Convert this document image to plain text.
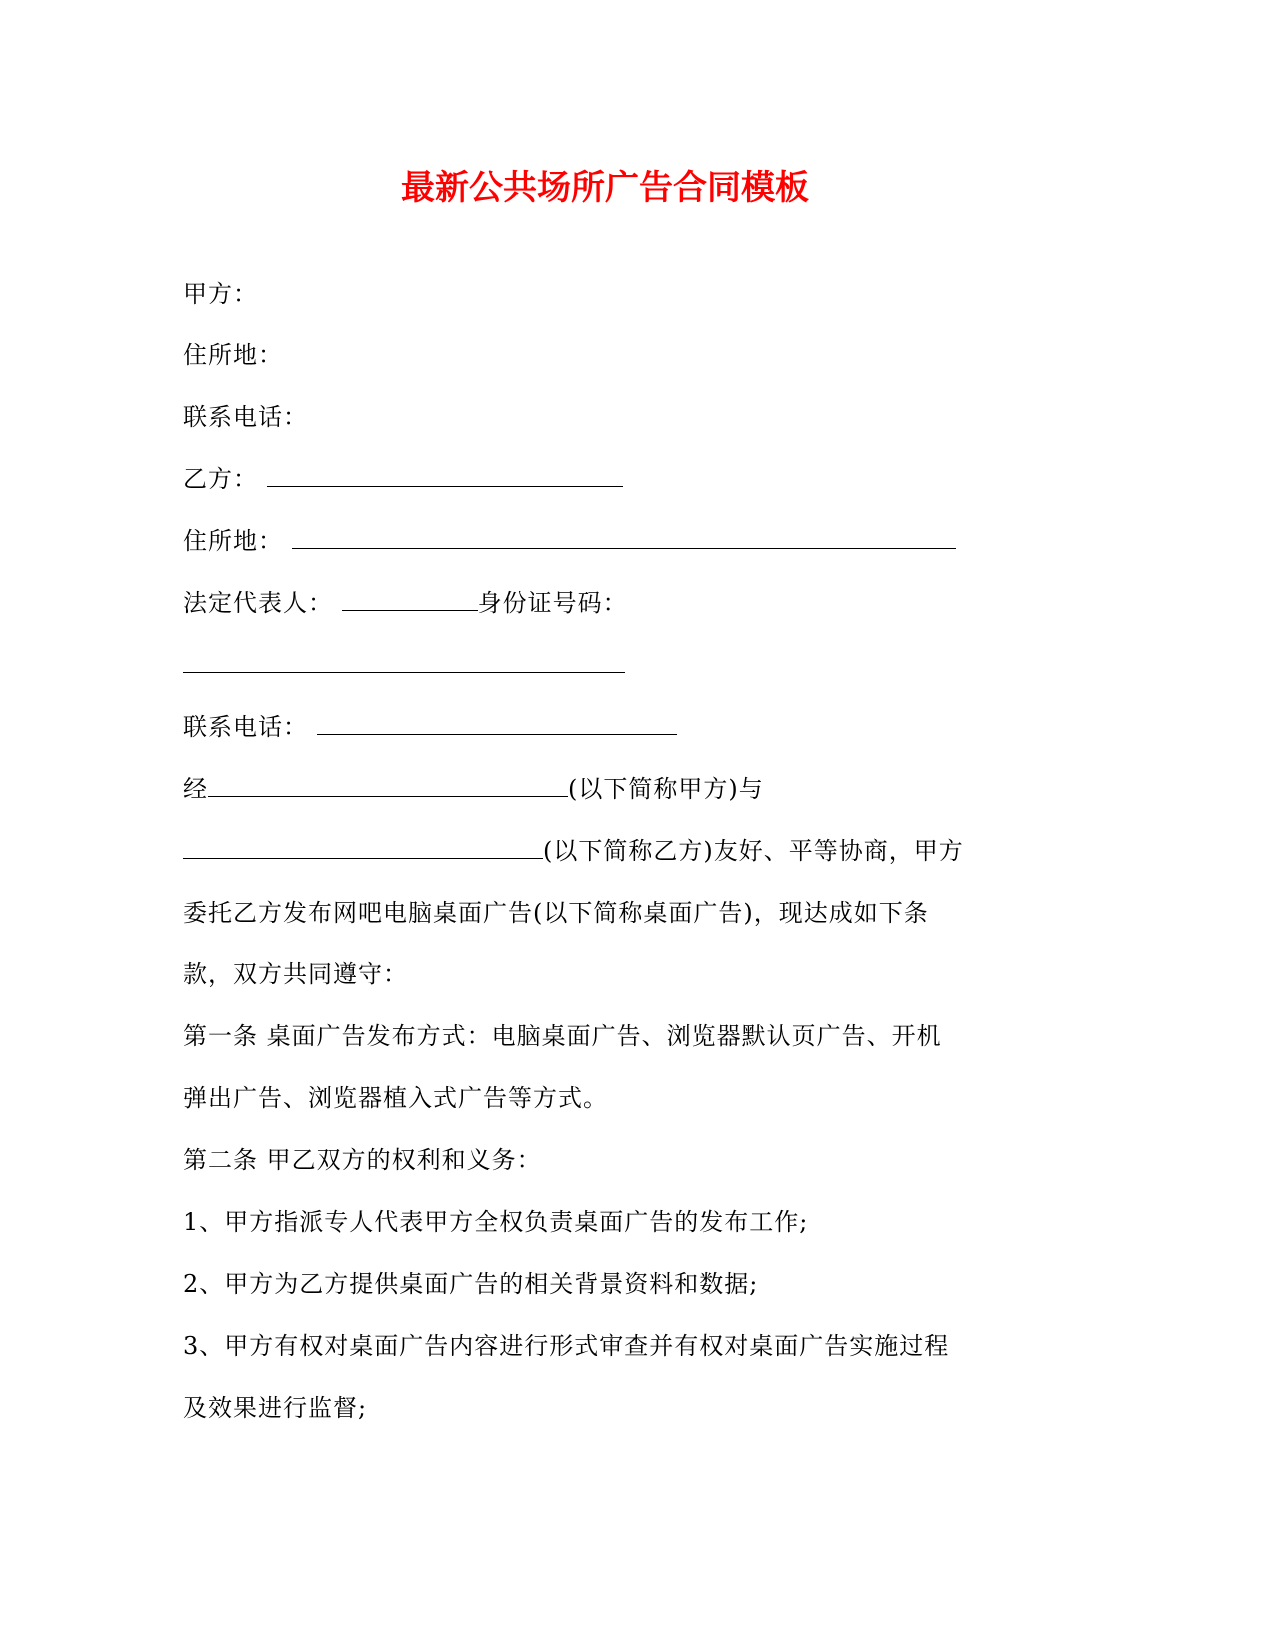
最新公共场所广告合同模板
甲方：
住所地：
联系电话：
乙方：
住所地：
法定代表人：	身份证号码：
联系电话：
经	(以下简称甲方)与
(以下简称乙方)友好、平等协商，甲方
委托乙方发布网吧电脑桌面广告(以下简称桌面广告)，现达成如下条
款，双方共同遵守：
第一条 桌面广告发布方式：电脑桌面广告、浏览器默认页广告、开机
弹出广告、浏览器植入式广告等方式。
第二条 甲乙双方的权利和义务：
1、甲方指派专人代表甲方全权负责桌面广告的发布工作;
2、甲方为乙方提供桌面广告的相关背景资料和数据;
3、甲方有权对桌面广告内容进行形式审查并有权对桌面广告实施过程
及效果进行监督;
